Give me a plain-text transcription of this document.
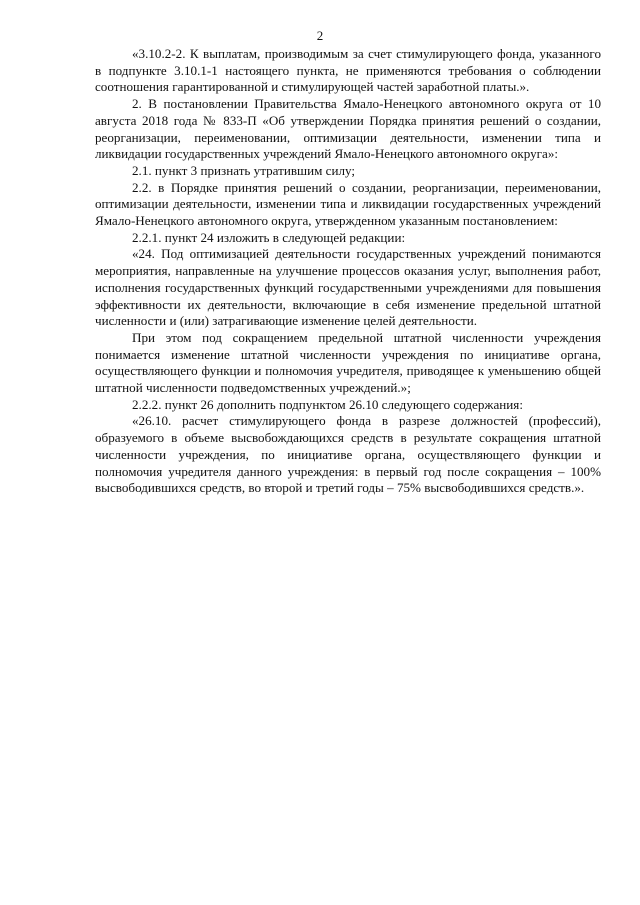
2

«3.10.2-2. К выплатам, производимым за счет стимулирующего фонда, указанного в подпункте 3.10.1-1 настоящего пункта, не применяются требования о соблюдении соотношения гарантированной и стимулирующей частей заработной платы.».

2. В постановлении Правительства Ямало-Ненецкого автономного округа от 10 августа 2018 года № 833-П «Об утверждении Порядка принятия решений о создании, реорганизации, переименовании, оптимизации деятельности, изменении типа и ликвидации государственных учреждений Ямало-Ненецкого автономного округа»:

2.1. пункт 3 признать утратившим силу;

2.2. в Порядке принятия решений о создании, реорганизации, переименовании, оптимизации деятельности, изменении типа и ликвидации государственных учреждений Ямало-Ненецкого автономного округа, утвержденном указанным постановлением:

2.2.1. пункт 24 изложить в следующей редакции:

«24. Под оптимизацией деятельности государственных учреждений понимаются мероприятия, направленные на улучшение процессов оказания услуг, выполнения работ, исполнения государственных функций государственными учреждениями для повышения эффективности их деятельности, включающие в себя изменение предельной штатной численности и (или) затрагивающие изменение целей деятельности.

При этом под сокращением предельной штатной численности учреждения понимается изменение штатной численности учреждения по инициативе органа, осуществляющего функции и полномочия учредителя, приводящее к уменьшению общей штатной численности подведомственных учреждений.»;

2.2.2. пункт 26 дополнить подпунктом 26.10 следующего содержания:

«26.10. расчет стимулирующего фонда в разрезе должностей (профессий), образуемого в объеме высвобождающихся средств в результате сокращения штатной численности учреждения, по инициативе органа, осуществляющего функции и полномочия учредителя данного учреждения: в первый год после сокращения – 100% высвободившихся средств, во второй и третий годы – 75% высвободившихся средств.».
